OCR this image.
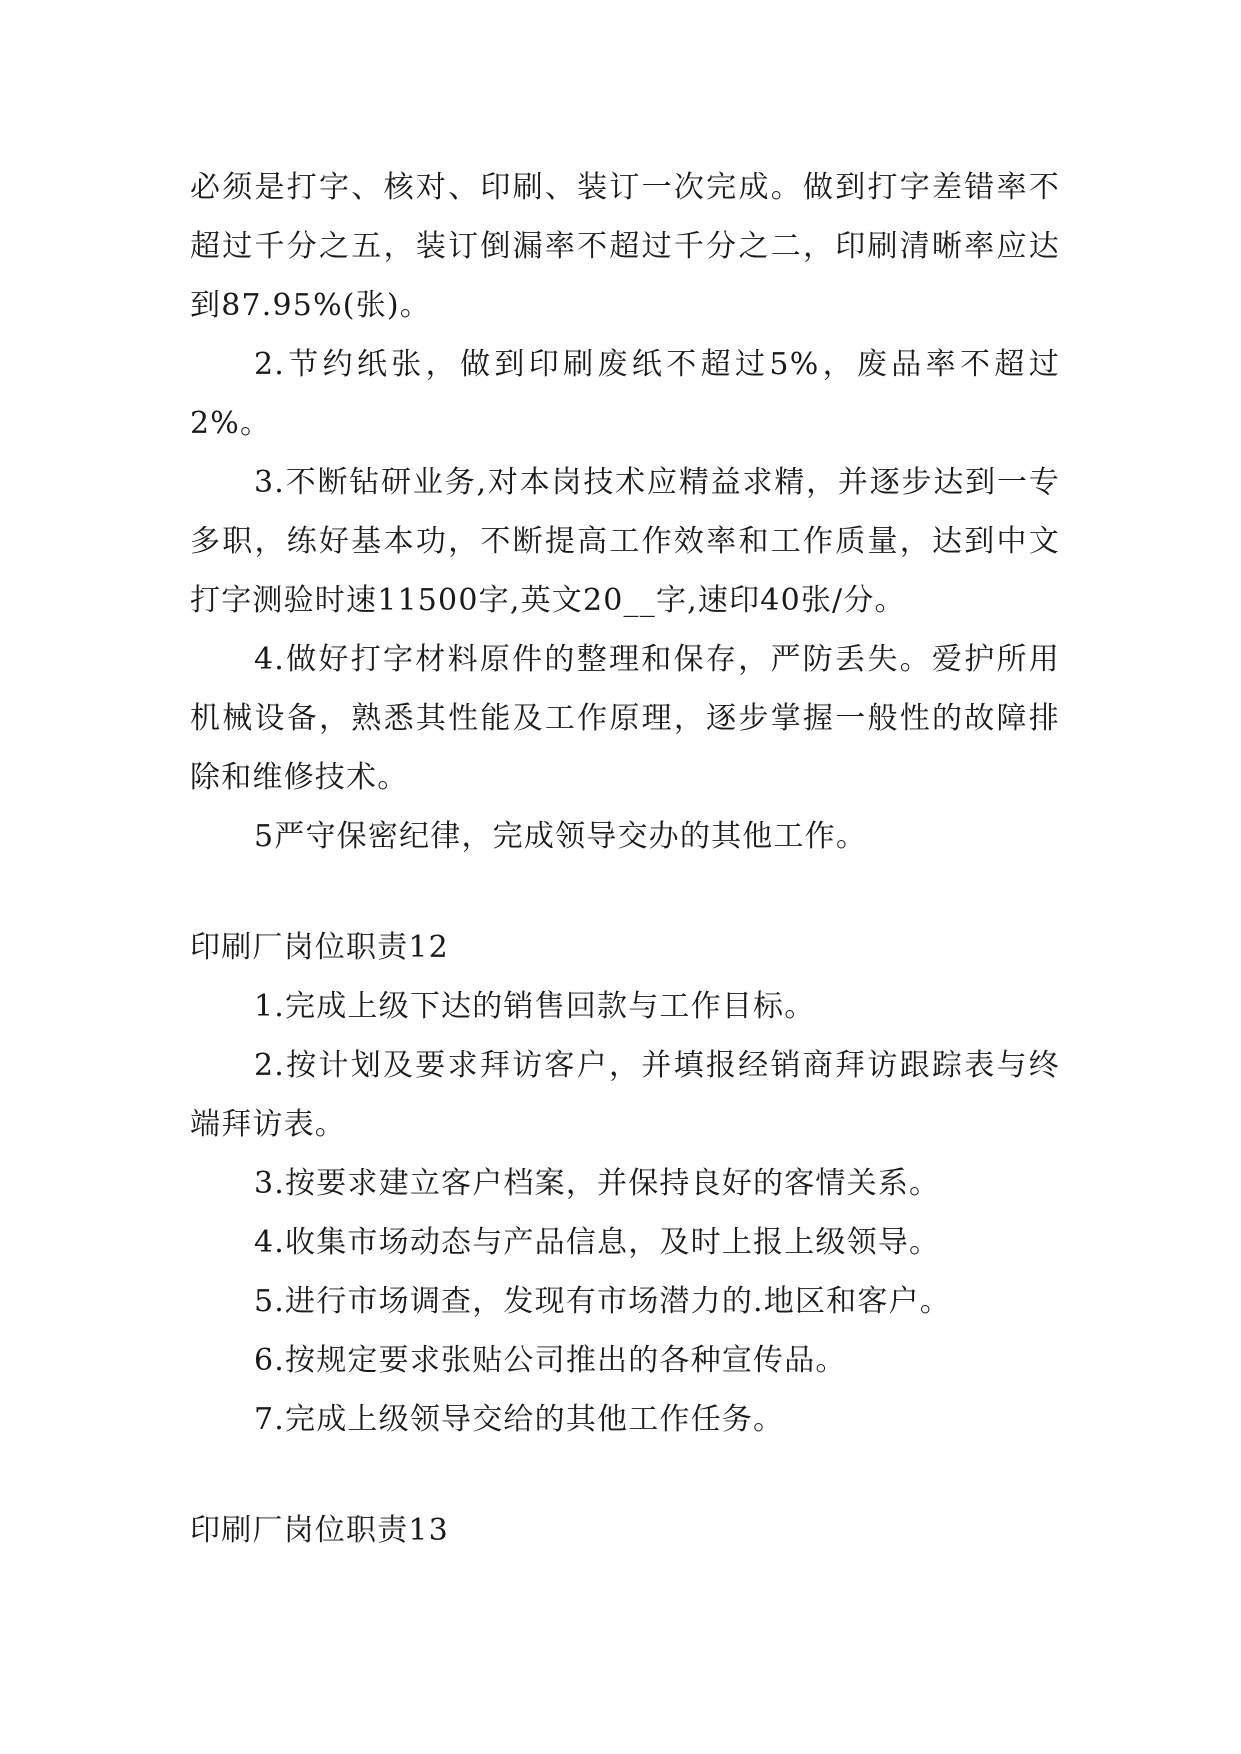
必须是打字、核对、印刷、装订一次完成。做到打字差错率不超过千分之五，装订倒漏率不超过千分之二，印刷清晰率应达到87.95%(张)。

2.节约纸张，做到印刷废纸不超过5%，废品率不超过2%。

3.不断钻研业务,对本岗技术应精益求精，并逐步达到一专多职，练好基本功，不断提高工作效率和工作质量，达到中文打字测验时速11500字,英文20__字,速印40张/分。

4.做好打字材料原件的整理和保存，严防丢失。爱护所用机械设备，熟悉其性能及工作原理，逐步掌握一般性的故障排除和维修技术。

5严守保密纪律，完成领导交办的其他工作。

印刷厂岗位职责12

1.完成上级下达的销售回款与工作目标。

2.按计划及要求拜访客户，并填报经销商拜访跟踪表与终端拜访表。

3.按要求建立客户档案，并保持良好的客情关系。

4.收集市场动态与产品信息，及时上报上级领导。

5.进行市场调查，发现有市场潜力的.地区和客户。

6.按规定要求张贴公司推出的各种宣传品。

7.完成上级领导交给的其他工作任务。

印刷厂岗位职责13
